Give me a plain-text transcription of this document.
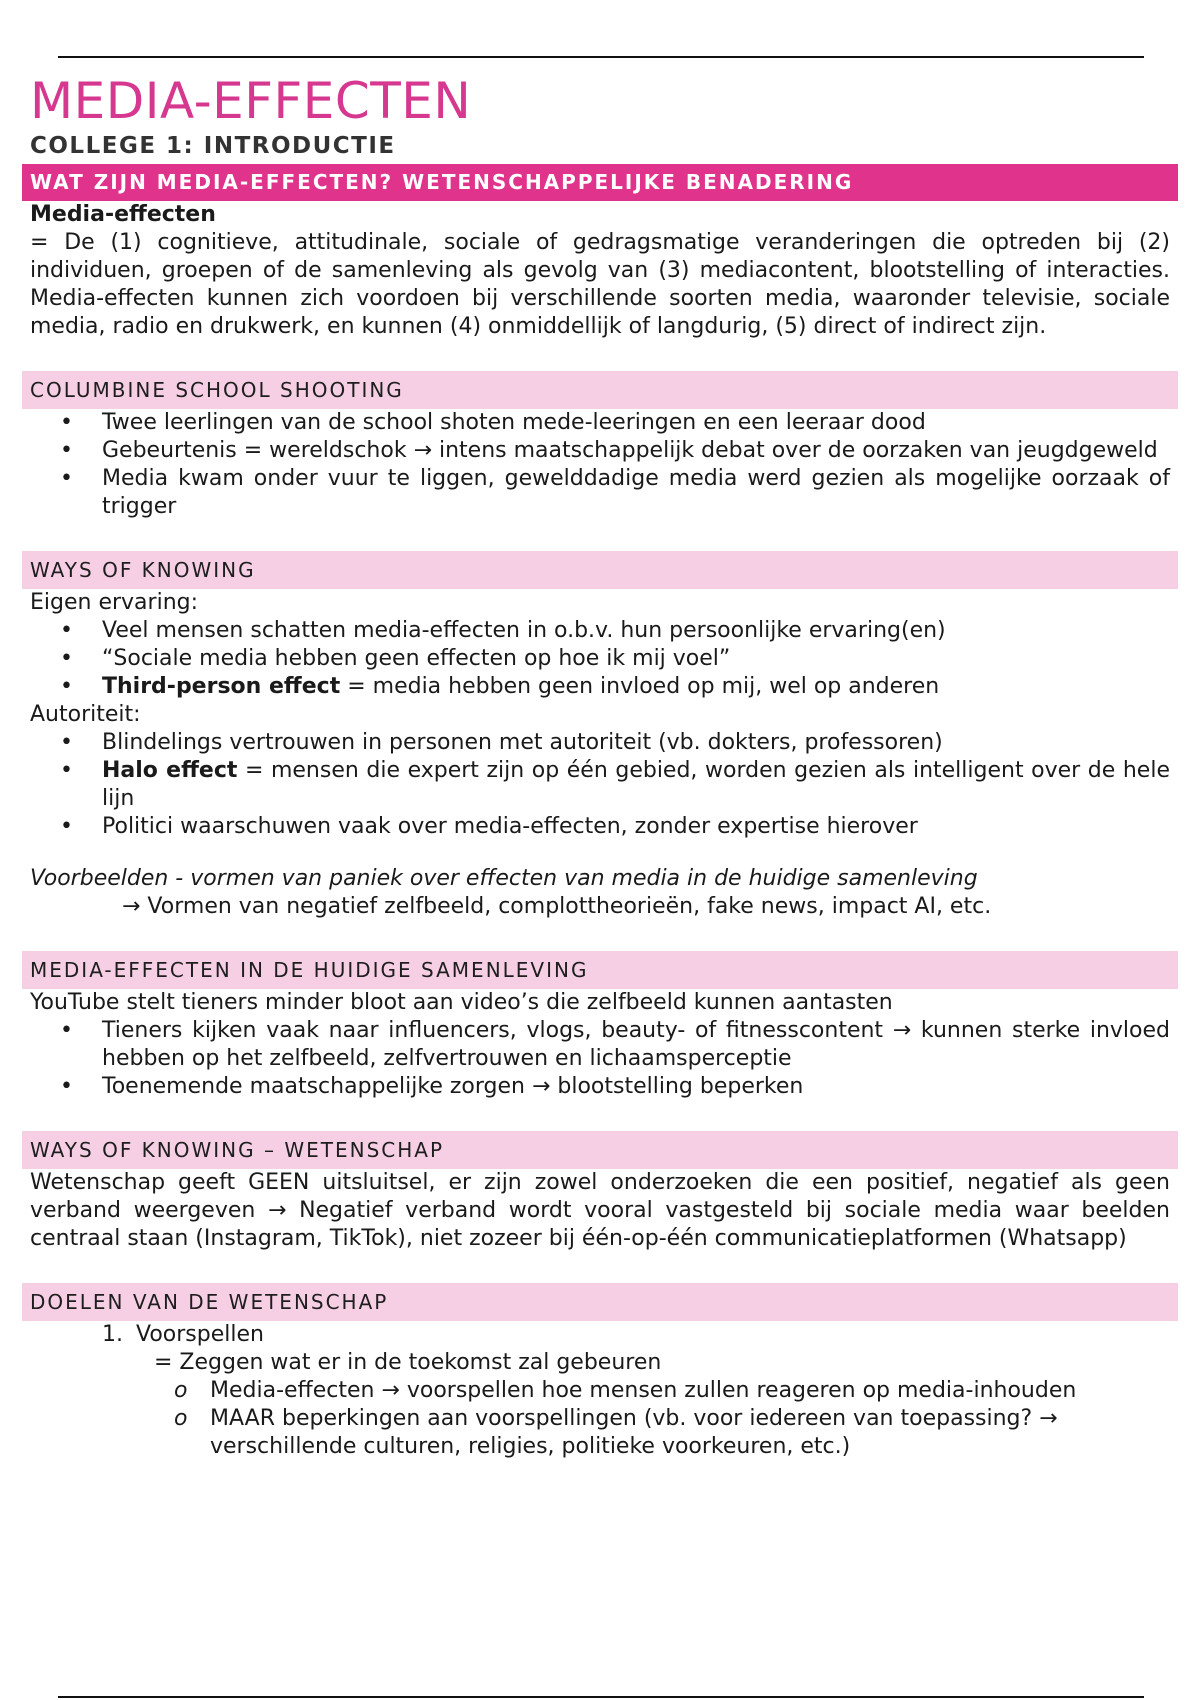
MEDIA-EFFECTEN
COLLEGE 1: INTRODUCTIE
WAT ZIJN MEDIA-EFFECTEN? WETENSCHAPPELIJKE BENADERING
Media-effecten
= De (1) cognitieve, attitudinale, sociale of gedragsmatige veranderingen die optreden bij (2) individuen, groepen of de samenleving als gevolg van (3) mediacontent, blootstelling of interacties. Media-effecten kunnen zich voordoen bij verschillende soorten media, waaronder televisie, sociale media, radio en drukwerk, en kunnen (4) onmiddellijk of langdurig, (5) direct of indirect zijn.
COLUMBINE SCHOOL SHOOTING
• Twee leerlingen van de school shoten mede-leeringen en een leeraar dood
• Gebeurtenis = wereldschok → intens maatschappelijk debat over de oorzaken van jeugdgeweld
• Media kwam onder vuur te liggen, gewelddadige media werd gezien als mogelijke oorzaak of trigger
WAYS OF KNOWING
Eigen ervaring:
• Veel mensen schatten media-effecten in o.b.v. hun persoonlijke ervaring(en)
• “Sociale media hebben geen effecten op hoe ik mij voel”
• Third-person effect = media hebben geen invloed op mij, wel op anderen
Autoriteit:
• Blindelings vertrouwen in personen met autoriteit (vb. dokters, professoren)
• Halo effect = mensen die expert zijn op één gebied, worden gezien als intelligent over de hele lijn
• Politici waarschuwen vaak over media-effecten, zonder expertise hierover
Voorbeelden - vormen van paniek over effecten van media in de huidige samenleving
→ Vormen van negatief zelfbeeld, complottheorieën, fake news, impact AI, etc.
MEDIA-EFFECTEN IN DE HUIDIGE SAMENLEVING
YouTube stelt tieners minder bloot aan video’s die zelfbeeld kunnen aantasten
• Tieners kijken vaak naar influencers, vlogs, beauty- of fitnesscontent → kunnen sterke invloed hebben op het zelfbeeld, zelfvertrouwen en lichaamsperceptie
• Toenemende maatschappelijke zorgen → blootstelling beperken
WAYS OF KNOWING – WETENSCHAP
Wetenschap geeft GEEN uitsluitsel, er zijn zowel onderzoeken die een positief, negatief als geen verband weergeven → Negatief verband wordt vooral vastgesteld bij sociale media waar beelden centraal staan (Instagram, TikTok), niet zozeer bij één-op-één communicatieplatformen (Whatsapp)
DOELEN VAN DE WETENSCHAP
1. Voorspellen
= Zeggen wat er in de toekomst zal gebeuren
o Media-effecten → voorspellen hoe mensen zullen reageren op media-inhouden
o MAAR beperkingen aan voorspellingen (vb. voor iedereen van toepassing? → verschillende culturen, religies, politieke voorkeuren, etc.)
